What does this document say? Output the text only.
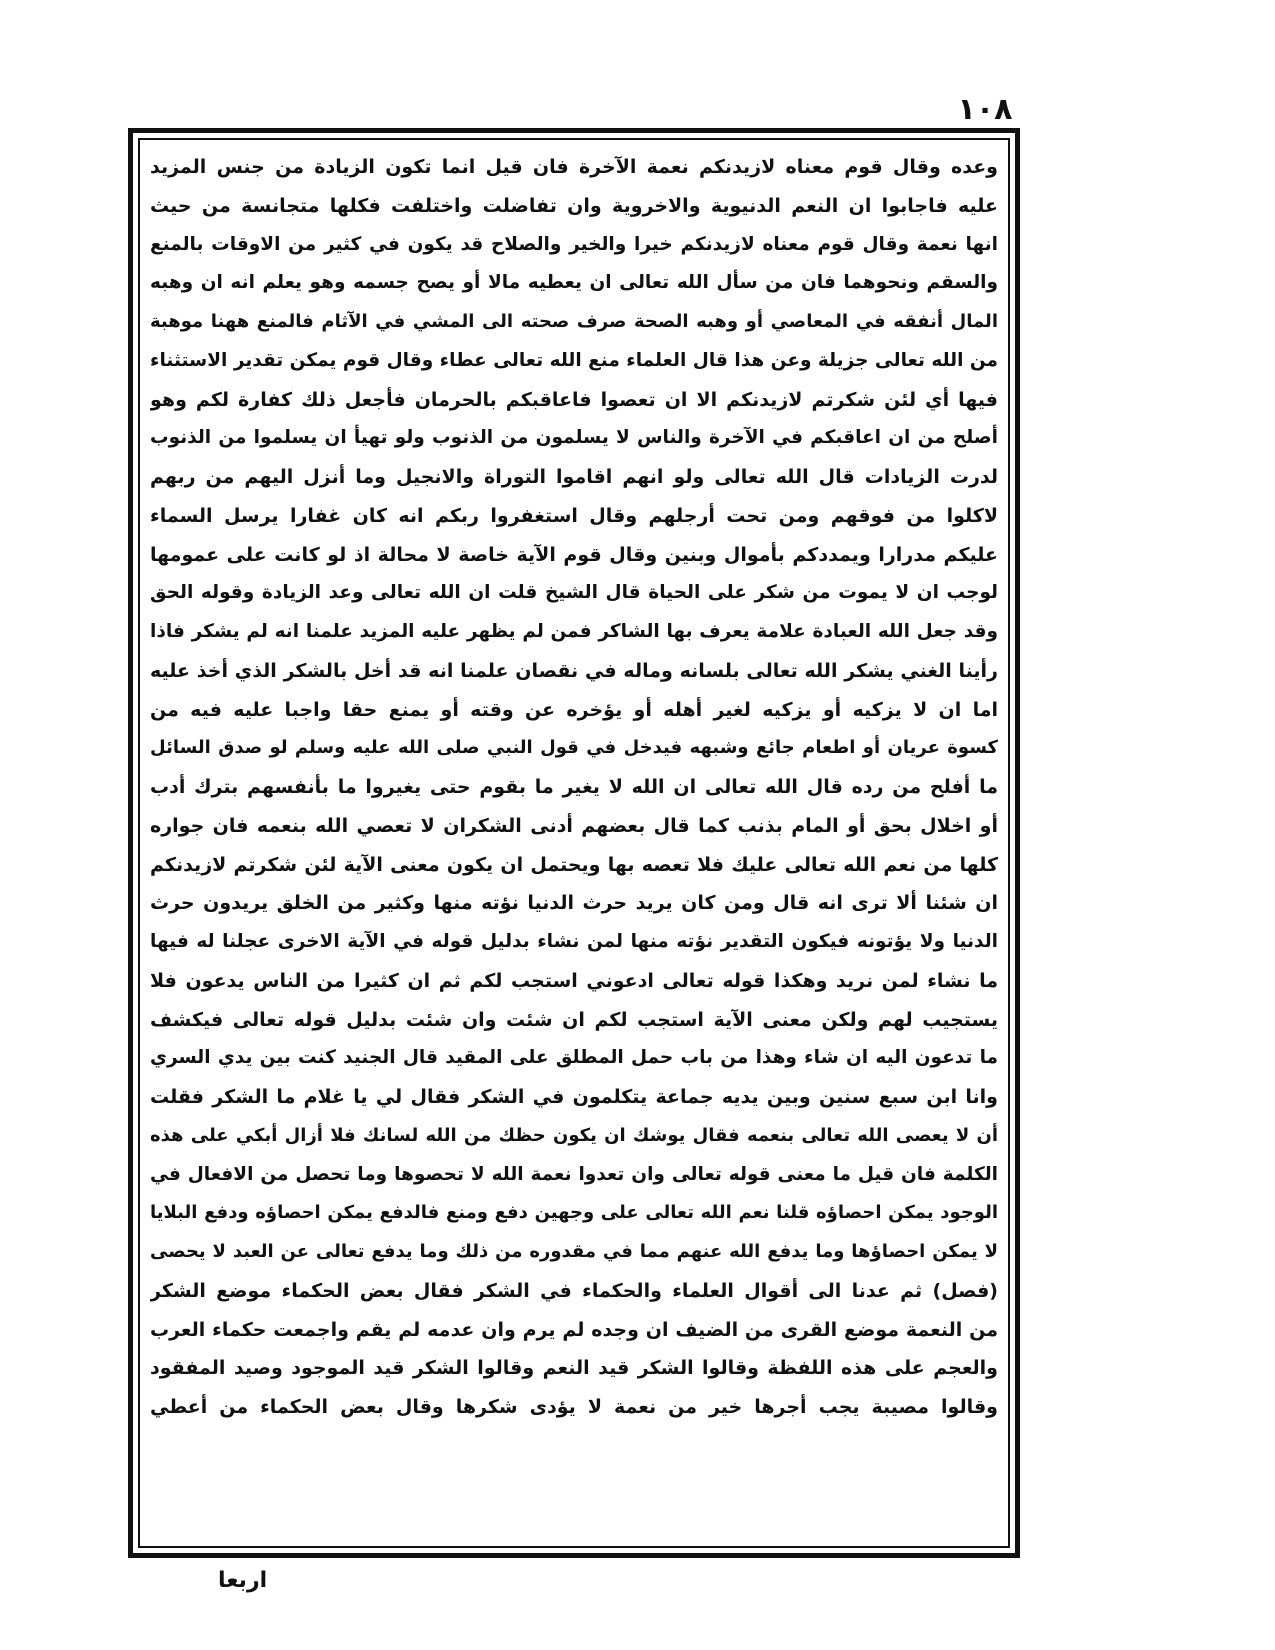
١٠٨
وعده وقال قوم معناه لازيدنكم نعمة الآخرة فان قيل انما تكون الزيادة من جنس المزيد
عليه فاجابوا ان النعم الدنيوية والاخروية وان تفاضلت واختلفت فكلها متجانسة من حيث
انها نعمة وقال قوم معناه لازيدنكم خيرا والخير والصلاح قد يكون في كثير من الاوقات بالمنع
والسقم ونحوهما فان من سأل الله تعالى ان يعطيه مالا أو يصح جسمه وهو يعلم انه ان وهبه
المال أنفقه في المعاصي أو وهبه الصحة صرف صحته الى المشي في الآثام فالمنع ههنا موهبة
من الله تعالى جزيلة وعن هذا قال العلماء منع الله تعالى عطاء وقال قوم يمكن تقدير الاستثناء
فيها أي لئن شكرتم لازيدنكم الا ان تعصوا فاعاقبكم بالحرمان فأجعل ذلك كفارة لكم وهو
أصلح من ان اعاقبكم في الآخرة والناس لا يسلمون من الذنوب ولو تهيأ ان يسلموا من الذنوب
لدرت الزيادات قال الله تعالى ولو انهم اقاموا التوراة والانجيل وما أنزل اليهم من ربهم
لاكلوا من فوقهم ومن تحت أرجلهم وقال استغفروا ربكم انه كان غفارا يرسل السماء
عليكم مدرارا ويمددكم بأموال وبنين وقال قوم الآية خاصة لا محالة اذ لو كانت على عمومها
لوجب ان لا يموت من شكر على الحياة قال الشيخ قلت ان الله تعالى وعد الزيادة وقوله الحق
وقد جعل الله العبادة علامة يعرف بها الشاكر فمن لم يظهر عليه المزيد علمنا انه لم يشكر فاذا
رأينا الغني يشكر الله تعالى بلسانه وماله في نقصان علمنا انه قد أخل بالشكر الذي أخذ عليه
اما ان لا يزكيه أو يزكيه لغير أهله أو يؤخره عن وقته أو يمنع حقا واجبا عليه فيه من
كسوة عريان أو اطعام جائع وشبهه فيدخل في قول النبي صلى الله عليه وسلم لو صدق السائل
ما أفلح من رده قال الله تعالى ان الله لا يغير ما بقوم حتى يغيروا ما بأنفسهم بترك أدب
أو اخلال بحق أو المام بذنب كما قال بعضهم أدنى الشكران لا تعصي الله بنعمه فان جواره
كلها من نعم الله تعالى عليك فلا تعصه بها ويحتمل ان يكون معنى الآية لئن شكرتم لازيدنكم
ان شئنا ألا ترى انه قال ومن كان يريد حرث الدنيا نؤته منها وكثير من الخلق يريدون حرث
الدنيا ولا يؤتونه فيكون التقدير نؤته منها لمن نشاء بدليل قوله في الآية الاخرى عجلنا له فيها
ما نشاء لمن نريد وهكذا قوله تعالى ادعوني استجب لكم ثم ان كثيرا من الناس يدعون فلا
يستجيب لهم ولكن معنى الآية استجب لكم ان شئت وان شئت بدليل قوله تعالى فيكشف
ما تدعون اليه ان شاء وهذا من باب حمل المطلق على المقيد قال الجنيد كنت بين يدي السري
وانا ابن سبع سنين وبين يديه جماعة يتكلمون في الشكر فقال لي يا غلام ما الشكر فقلت
أن لا يعصى الله تعالى بنعمه فقال يوشك ان يكون حظك من الله لسانك فلا أزال أبكي على هذه
الكلمة فان قيل ما معنى قوله تعالى وان تعدوا نعمة الله لا تحصوها وما تحصل من الافعال في
الوجود يمكن احصاؤه قلنا نعم الله تعالى على وجهين دفع ومنع فالدفع يمكن احصاؤه ودفع البلايا
لا يمكن احصاؤها وما يدفع الله عنهم مما في مقدوره من ذلك وما يدفع تعالى عن العبد لا يحصى
(فصل) ثم عدنا الى أقوال العلماء والحكماء في الشكر فقال بعض الحكماء موضع الشكر
من النعمة موضع القرى من الضيف ان وجده لم يرم وان عدمه لم يقم واجمعت حكماء العرب
والعجم على هذه اللفظة وقالوا الشكر قيد النعم وقالوا الشكر قيد الموجود وصيد المفقود
وقالوا مصيبة يجب أجرها خير من نعمة لا يؤدى شكرها وقال بعض الحكماء من أعطي
اربعا
